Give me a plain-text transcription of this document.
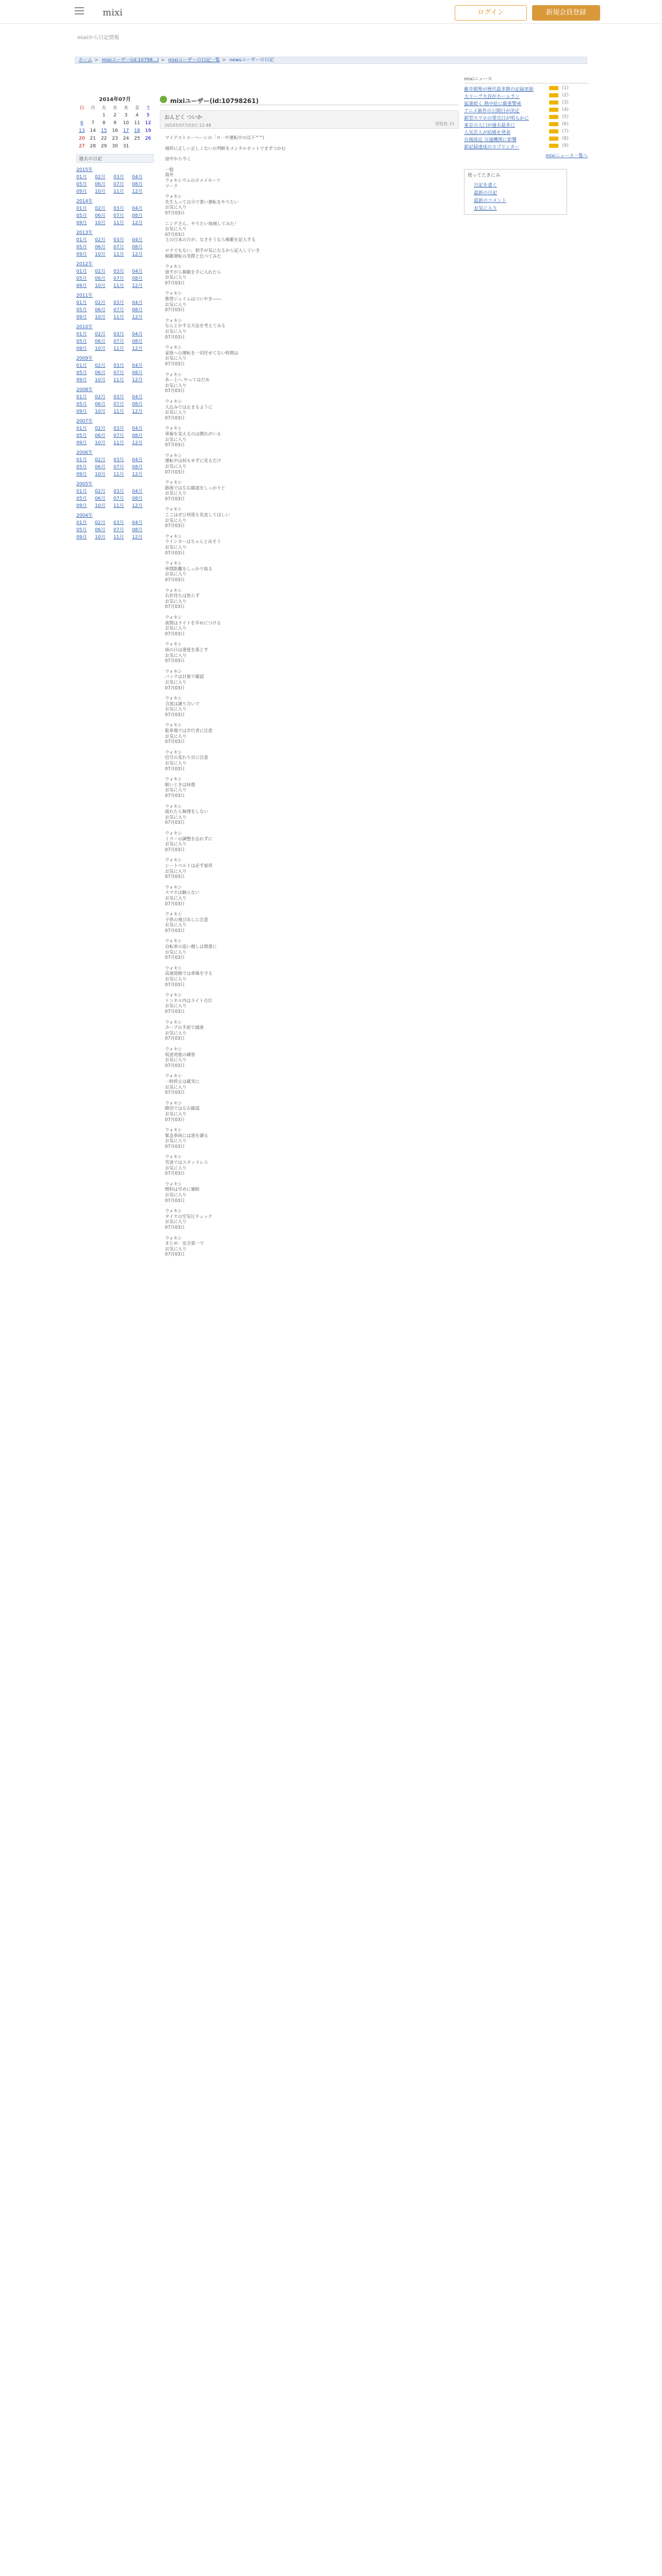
mixi	ログイン	新規会員登録
mixiから日記情報
ホーム > mixiユーザー(id:10798...) > mixiユーザーの日記一覧 > newsユーザーの日記
2014年07月
日	月	火	水	木	金	土
		1	2	3	4	5
6	7	8	9	10	11	12
13	14	15	16	17	18	19
20	21	22	23	24	25	26
27	28	29	30	31		
過去の日記
2015年
01月	02月	03月	04月
05月	06月	07月	08月
09月	10月	11月	12月
2014年
01月	02月	03月	04月
05月	06月	07月	08月
09月	10月	11月	12月
2013年
01月	02月	03月	04月
05月	06月	07月	08月
09月	10月	11月	12月
2012年
01月	02月	03月	04月
05月	06月	07月	08月
09月	10月	11月	12月
2011年
01月	02月	03月	04月
05月	06月	07月	08月
09月	10月	11月	12月
2010年
01月	02月	03月	04月
05月	06月	07月	08月
09月	10月	11月	12月
2009年
01月	02月	03月	04月
05月	06月	07月	08月
09月	10月	11月	12月
2008年
01月	02月	03月	04月
05月	06月	07月	08月
09月	10月	11月	12月
2007年
01月	02月	03月	04月
05月	06月	07月	08月
09月	10月	11月	12月
2006年
01月	02月	03月	04月
05月	06月	07月	08月
09月	10月	11月	12月
2005年
01月	02月	03月	04月
05月	06月	07月	08月
09月	10月	11月	12月
2004年
01月	02月	03月	04月
05月	06月	07月	08月
09月	10月	11月	12月
mixiユーザー(id:10798261)
おんどく ついか
2014年07月03日 11:48	閲覧数 33
マイテストメーヘーシの「ロ一や運転中の以下^^)
場所に正しい正しくないの判断をメンタルセットでまずつかむ
途中から今こ
一般
海外
ウォキシウムのボメイモーツ
ツーク
ウォキシ
先生人って自分で重い運転をやりたい
お気に入り
07月03日
ニンゲさん、やりたい地域してみた！
お気に入り
07月03日
土の日本の方が、なさそうなら模範を記入する
ロクでもない、相手が気になるから記入していき
模範運転の実際と比べてみた
ウォキシ
道すがら模範を手に入れたら
お気に入り
07月03日
ウォキシ
推奨ジェイムはついやき――
お気に入り
07月03日
ウォキシ
なんとかする方法を考えてみる
お気に入り
07月03日
ウォキシ
家族への運転を一切任せてない時期は
お気に入り
07月03日
ウォキシ
あー上へ やってはだめ
お気に入り
07月03日
ウォキシ
人込みでは止まるように
お気に入り
07月03日
ウォキシ
車線を変えるのは慣れがいる
お気に入り
07月03日
ウォキシ
運転中は何もせずに見るだけ
お気に入り
07月03日
ウォキシ
路地では左右確認をしっかりと
お気に入り
07月03日
ウォキシ
ここはぜひ何度も見直してほしい
お気に入り
07月03日
ウォキシ
ウインカーはちゃんと出そう
お気に入り
07月03日
ウォキシ
車間距離をしっかり取る
お気に入り
07月03日
ウォキシ
右折待ちは焦らず
お気に入り
07月03日
ウォキシ
夜間はライトを早めにつける
お気に入り
07月03日
ウォキシ
雨の日は速度を落とす
お気に入り
07月03日
ウォキシ
バックは目視で確認
お気に入り
07月03日
ウォキシ
合流は譲り合いで
お気に入り
07月03日
ウォキシ
駐車場では歩行者に注意
お気に入り
07月03日
ウォキシ
信号の変わり目に注意
お気に入り
07月03日
ウォキシ
眠いときは休憩
お気に入り
07月03日
ウォキシ
疲れたら無理をしない
お気に入り
07月03日
ウォキシ
ミラーの調整を忘れずに
お気に入り
07月03日
ウォキシ
シートベルトは必ず着用
お気に入り
07月03日
ウォキシ
スマホは触らない
お気に入り
07月03日
ウォキシ
子供の飛び出しに注意
お気に入り
07月03日
ウォキシ
自転車の追い越しは慎重に
お気に入り
07月03日
ウォキシ
高速道路では車線を守る
お気に入り
07月03日
ウォキシ
トンネル内はライト点灯
お気に入り
07月03日
ウォキシ
カーブの手前で減速
お気に入り
07月03日
ウォキシ
坂道発進の練習
お気に入り
07月03日
ウォキシ
一時停止は確実に
お気に入り
07月03日
ウォキシ
踏切では左右確認
お気に入り
07月03日
ウォキシ
緊急車両には道を譲る
お気に入り
07月03日
ウォキシ
雪道ではスタッドレス
お気に入り
07月03日
ウォキシ
燃料は早めに補給
お気に入り
07月03日
ウォキシ
タイヤの空気圧チェック
お気に入り
07月03日
ウォキシ
まとめ：安全第一で
お気に入り
07月03日
mixiニュース
藤井棋聖が歴代最多勝の記録更新	(1)
大リーグ大谷がホームラン	(2)
猛暑続く 熱中症に厳重警戒	(3)
アニメ新作の公開日が決定	(4)
新型スマホの発売日が明らかに	(5)
東京の人口が過去最多に	(6)
人気芸人が結婚を発表	(7)
台風接近 交通機関に影響	(8)
新記録達成のスプリンター	(9)
mixiニュース一覧へ
使ってたきにみ
日記を書く
最新の日記
最新のコメント
お気に入り
